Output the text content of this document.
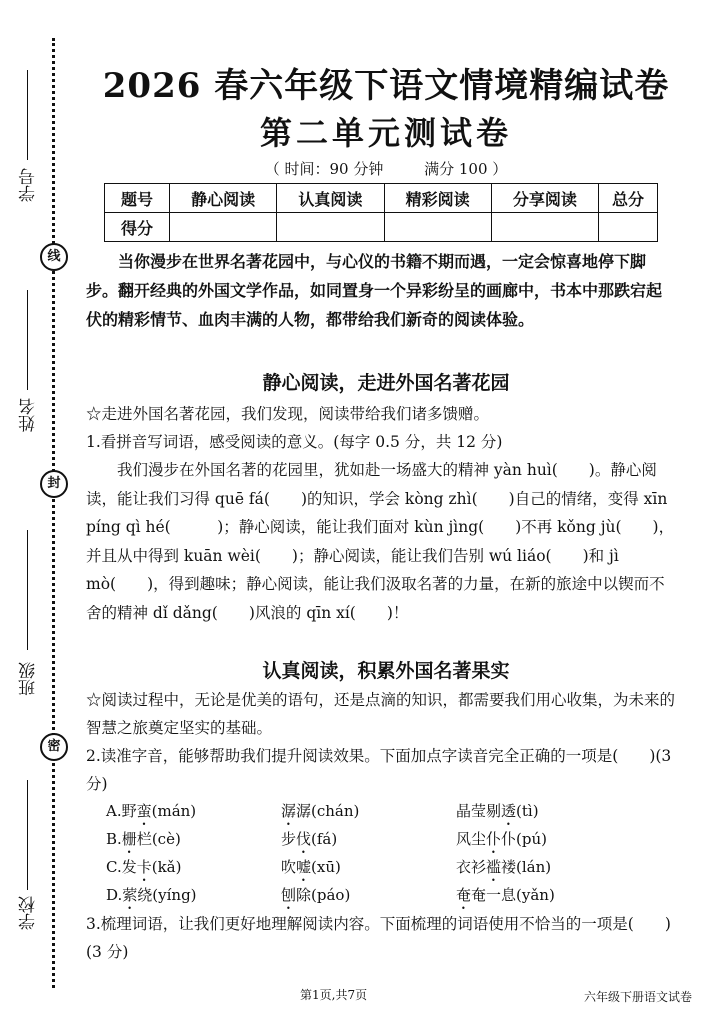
学号
线
姓名
封
班级
密
学校
2026 春六年级下语文情境精编试卷
第二单元测试卷
（ 时间：90 分钟	满分 100 ）
题号	静心阅读	认真阅读	精彩阅读	分享阅读	总分
得分					
当你漫步在世界名著花园中，与心仪的书籍不期而遇，一定会惊喜地停下脚步。翻开经典的外国文学作品，如同置身一个异彩纷呈的画廊中，书本中那跌宕起伏的精彩情节、血肉丰满的人物，都带给我们新奇的阅读体验。
静心阅读，走进外国名著花园
☆走进外国名著花园，我们发现，阅读带给我们诸多馈赠。
1.看拼音写词语，感受阅读的意义。(每字 0.5 分，共 12 分)
我们漫步在外国名著的花园里，犹如赴一场盛大的精神 yàn huì(　　)。静心阅读，能让我们习得 quē fá(　　)的知识，学会 kòng zhì(　　)自己的情绪，变得 xīn píng qì hé(　　　)；静心阅读，能让我们面对 kùn jìng(　　)不再 kǒng jù(　　)，并且从中得到 kuān wèi(　　)；静心阅读，能让我们告别 wú liáo(　　)和 jì mò(　　)，得到趣味；静心阅读，能让我们汲取名著的力量，在新的旅途中以锲而不舍的精神 dǐ dǎng(　　)风浪的 qīn xí(　　)！
认真阅读，积累外国名著果实
☆阅读过程中，无论是优美的语句，还是点滴的知识，都需要我们用心收集，为未来的智慧之旅奠定坚实的基础。
2.读准字音，能够帮助我们提升阅读效果。下面加点字读音完全正确的一项是(　　)(3 分)
A.野蛮(mán)	潺潺(chán)	晶莹剔透(tì)
B.栅栏(cè)	步伐(fá)	风尘仆仆(pú)
C.发卡(kǎ)	吹嘘(xū)	衣衫褴褛(lán)
D.萦绕(yíng)	刨除(páo)	奄奄一息(yǎn)
3.梳理词语，让我们更好地理解阅读内容。下面梳理的词语使用不恰当的一项是(　　)(3 分)
第1页,共7页	六年级下册语文试卷
